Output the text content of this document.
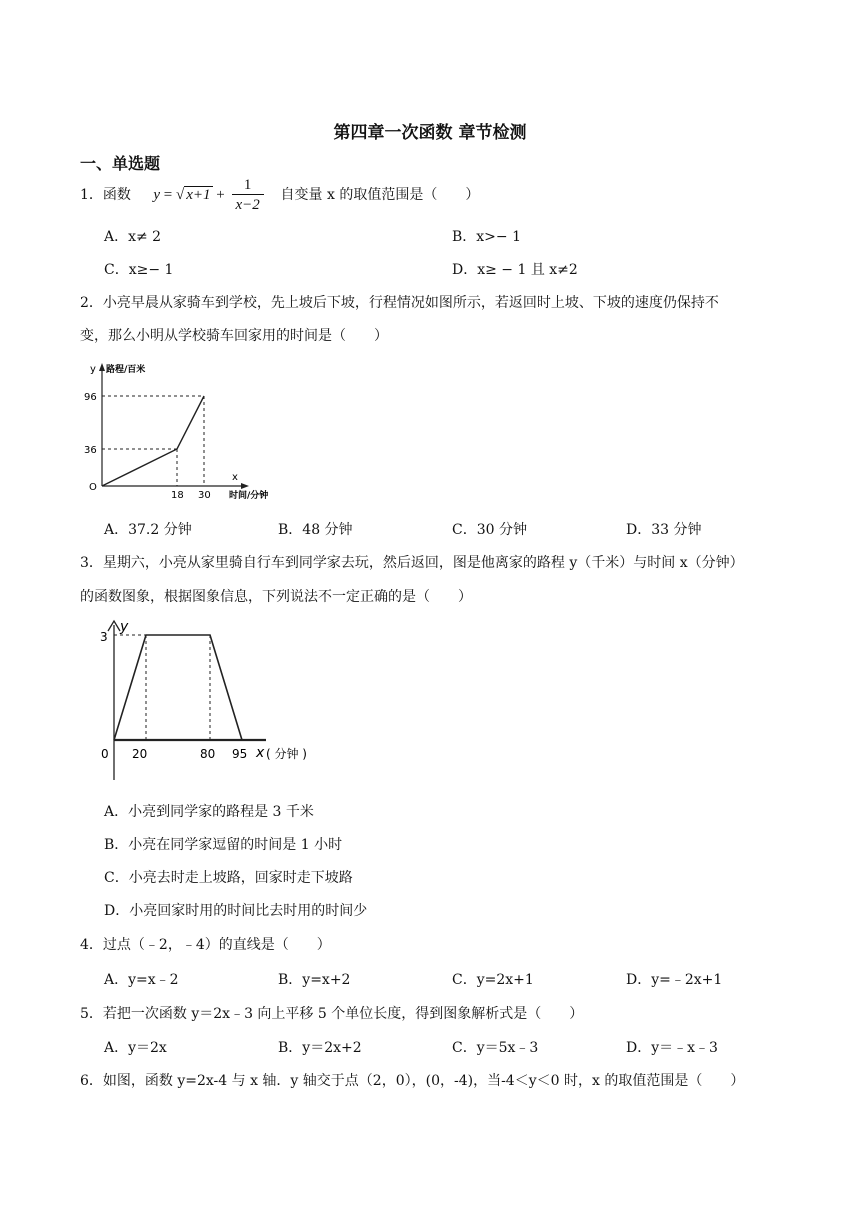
第四章一次函数 章节检测
一、单选题
1．函数 y = √ $x+1 + \frac{1}{x-2}$ 自变量 x 的取值范围是（　　）
A．x≠ 2	B．x>− 1
C．x≥− 1	D．x≥ − 1 且 x≠2
2．小亮早晨从家骑车到学校，先上坡后下坡，行程情况如图所示，若返回时上坡、下坡的速度仍保持不
变，那么小明从学校骑车回家用的时间是（　　）
y 路程/百米
96
36
O
18 30
x
时间/分钟
A．37.2 分钟	B．48 分钟	C．30 分钟	D．33 分钟
3．星期六，小亮从家里骑自行车到同学家去玩，然后返回，图是他离家的路程 y（千米）与时间 x（分钟）
的函数图象，根据图象信息，下列说法不一定正确的是（　　）
y
3
0 20	80 95 x ( 分钟 )
A．小亮到同学家的路程是 3 千米
B．小亮在同学家逗留的时间是 1 小时
C．小亮去时走上坡路，回家时走下坡路
D．小亮回家时用的时间比去时用的时间少
4．过点（﹣2，﹣4）的直线是（　　）
A．y=x﹣2	B．y=x+2	C．y=2x+1	D．y=﹣2x+1
5．若把一次函数 y＝2x﹣3 向上平移 5 个单位长度，得到图象解析式是（　　）
A．y＝2x	B．y＝2x+2	C．y＝5x﹣3	D．y＝﹣x﹣3
6．如图，函数 y=2x-4 与 x 轴．y 轴交于点（2，0），(0，-4)，当-4＜y＜0 时，x 的取值范围是（　　）
